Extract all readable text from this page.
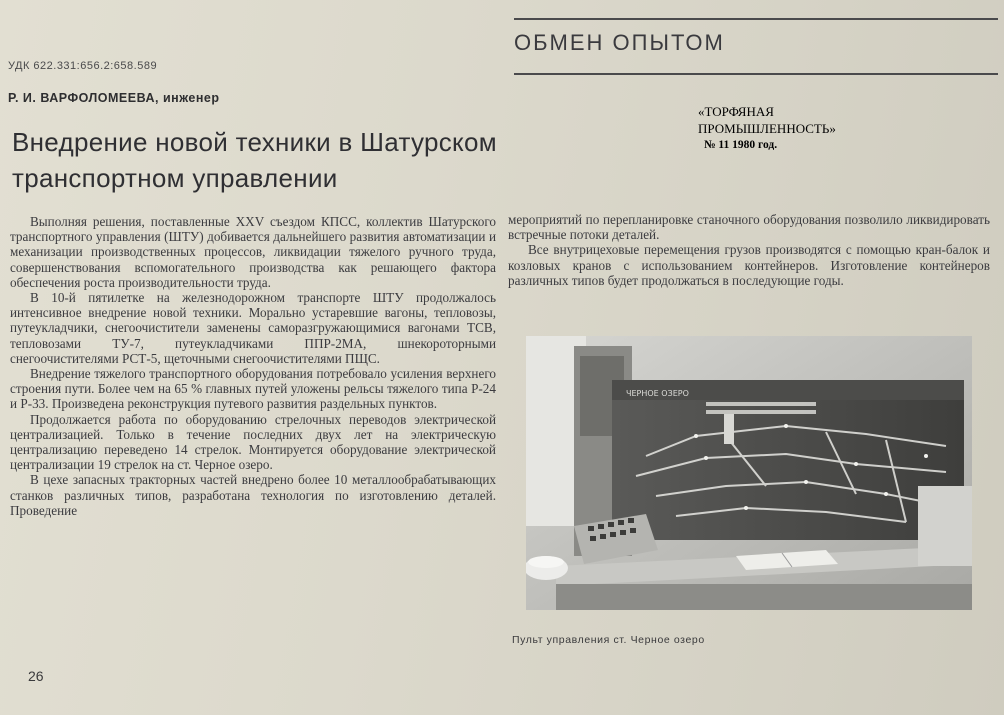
ОБМЕН ОПЫТОМ
УДК 622.331:656.2:658.589
Р. И. ВАРФОЛОМЕЕВА, инженер
«ТОРФЯНАЯ
ПРОМЫШЛЕННОСТЬ»
№ 11 1980 год.
Внедрение новой техники в Шатурском
транспортном управлении

Выполняя решения, поставленные XXV съездом КПСС, коллектив Шатурского транспортного управления (ШТУ) добивается дальнейшего развития автоматизации и механизации производственных процессов, ликвидации тяжелого ручного труда, совершенствования вспомогательного производства как решающего фактора обеспечения роста производительности труда.

В 10-й пятилетке на железнодорожном транспорте ШТУ продолжалось интенсивное внедрение новой техники. Морально устаревшие вагоны, тепловозы, путеукладчики, снегоочистители заменены саморазгружающимися вагонами ТСВ, тепловозами ТУ-7, путеукладчиками ППР-2МА, шнекороторными снегоочистителями РСТ-5, щеточными снегоочистителями ПЩС.

Внедрение тяжелого транспортного оборудования потребовало усиления верхнего строения пути. Более чем на 65 % главных путей уложены рельсы тяжелого типа Р-24 и Р-33. Произведена реконструкция путевого развития раздельных пунктов.

Продолжается работа по оборудованию стрелочных переводов электрической централизацией. Только в течение последних двух лет на электрическую централизацию переведено 14 стрелок. Монтируется оборудование электрической централизации 19 стрелок на ст. Черное озеро.

В цехе запасных тракторных частей внедрено более 10 металлообрабатывающих станков различных типов, разработана технология по изготовлению деталей. Проведение

мероприятий по перепланировке станочного оборудования позволило ликвидировать встречные потоки деталей.

Все внутрицеховые перемещения грузов производятся с помощью кран-балок и козловых кранов с использованием контейнеров. Изготовление контейнеров различных типов будет продолжаться в последующие годы.

ЧЕРНОЕ ОЗЕРО
Пульт управления ст. Черное озеро
26
